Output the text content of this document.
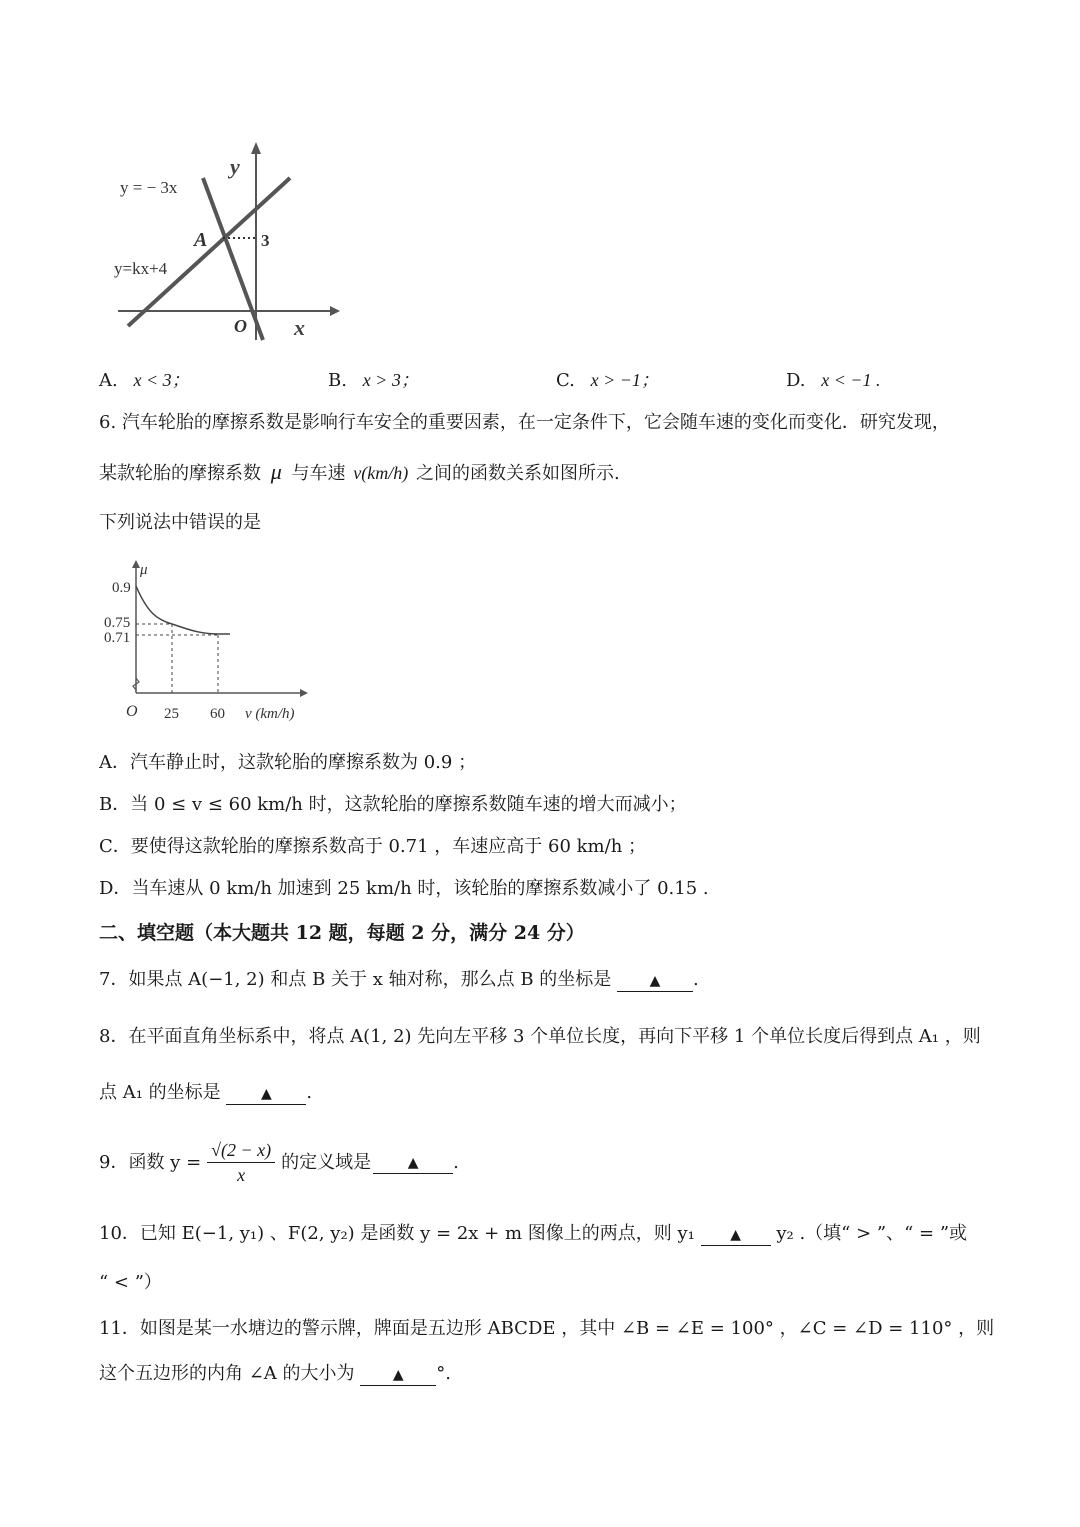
y = − 3x
y=kx+4
y
x
A
O
3
A. x < 3；	B. x > 3；	C. x > −1；	D. x < −1 .
6. 汽车轮胎的摩擦系数是影响行车安全的重要因素，在一定条件下，它会随车速的变化而变化．研究发现，
某款轮胎的摩擦系数 μ 与车速 v(km/h) 之间的函数关系如图所示.
下列说法中错误的是
μ
0.9
0.75
0.71
O 25 60 v (km/h)
A．汽车静止时，这款轮胎的摩擦系数为 0.9 ；
B．当 0 ≤ v ≤ 60 km/h 时，这款轮胎的摩擦系数随车速的增大而减小；
C．要使得这款轮胎的摩擦系数高于 0.71 ，车速应高于 60 km/h ；
D．当车速从 0 km/h 加速到 25 km/h 时，该轮胎的摩擦系数减小了 0.15 .
二、填空题（本大题共 12 题，每题 2 分，满分 24 分）
7．如果点 A(−1, 2) 和点 B 关于 x 轴对称，那么点 B 的坐标是	▲ .
8．在平面直角坐标系中，将点 A(1, 2) 先向左平移 3 个单位长度，再向下平移 1 个单位长度后得到点 A₁ ，则
点 A₁ 的坐标是	▲ .
9．函数 $y = \frac{√(2 - x)}{x}$ 的定义域是	▲	.
10．已知 E(−1, y₁) 、F(2, y₂) 是函数 y = 2x + m 图像上的两点，则 y₁	▲ y₂ .（填“ > ”、“ = ”或
“ < ”）
11．如图是某一水塘边的警示牌，牌面是五边形 ABCDE ，其中 ∠B = ∠E = 100° ，∠C = ∠D = 110° ，则
这个五边形的内角 ∠A 的大小为	▲ °.
